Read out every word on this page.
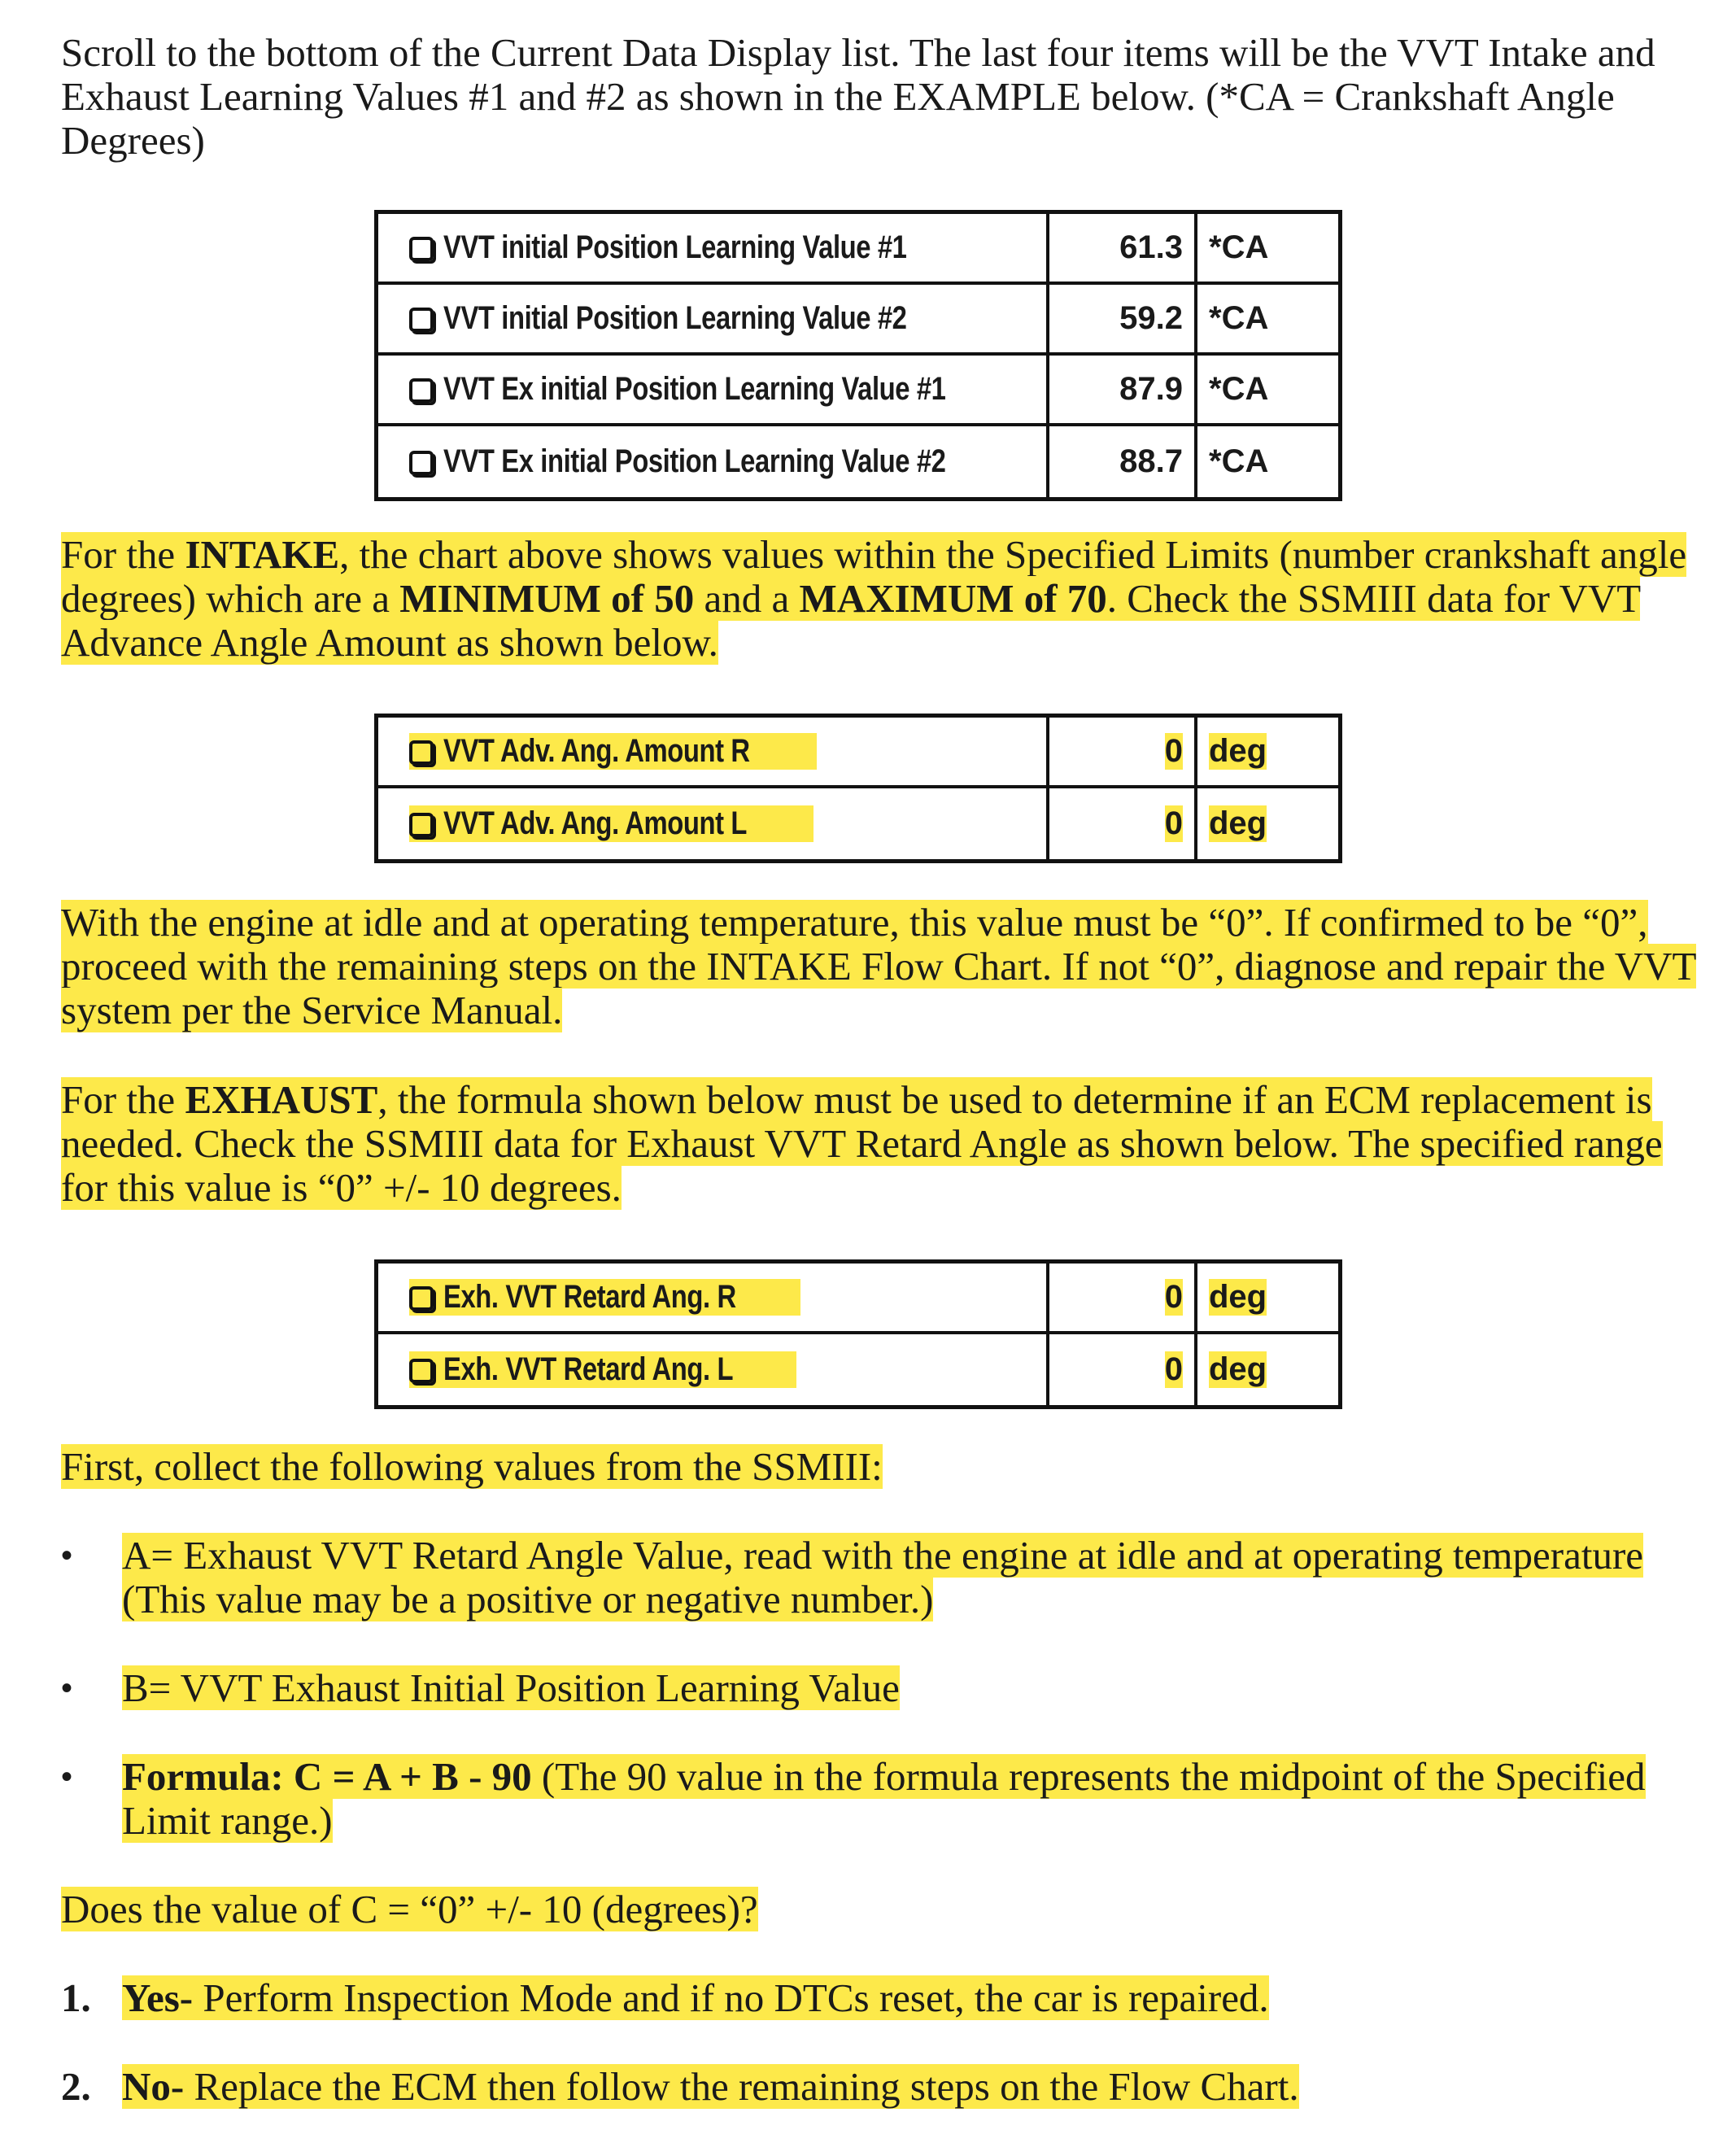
Scroll to the bottom of the Current Data Display list. The last four items will be the VVT Intake and Exhaust Learning Values #1 and #2 as shown in the EXAMPLE below. (*CA = Crankshaft Angle Degrees)

VVT initial Position Learning Value #1	61.3 *CA
VVT initial Position Learning Value #2	59.2 *CA
VVT Ex initial Position Learning Value #1	87.9 *CA
VVT Ex initial Position Learning Value #2	88.7 *CA

For the INTAKE, the chart above shows values within the Specified Limits (number crankshaft angle degrees) which are a MINIMUM of 50 and a MAXIMUM of 70. Check the SSMIII data for VVT Advance Angle Amount as shown below.

VVT Adv. Ang. Amount R	0 deg
VVT Adv. Ang. Amount L	0 deg

With the engine at idle and at operating temperature, this value must be “0”. If confirmed to be “0”, proceed with the remaining steps on the INTAKE Flow Chart. If not “0”, diagnose and repair the VVT system per the Service Manual.

For the EXHAUST, the formula shown below must be used to determine if an ECM replacement is needed. Check the SSMIII data for Exhaust VVT Retard Angle as shown below. The specified range for this value is “0” +/- 10 degrees.

Exh. VVT Retard Ang. R	0 deg
Exh. VVT Retard Ang. L	0 deg

First, collect the following values from the SSMIII:

•	A= Exhaust VVT Retard Angle Value, read with the engine at idle and at operating temperature (This value may be a positive or negative number.)
•	B= VVT Exhaust Initial Position Learning Value
•	Formula: C = A + B - 90 (The 90 value in the formula represents the midpoint of the Specified Limit range.)

Does the value of C = “0” +/- 10 (degrees)?

1. Yes- Perform Inspection Mode and if no DTCs reset, the car is repaired.
2. No- Replace the ECM then follow the remaining steps on the Flow Chart.
